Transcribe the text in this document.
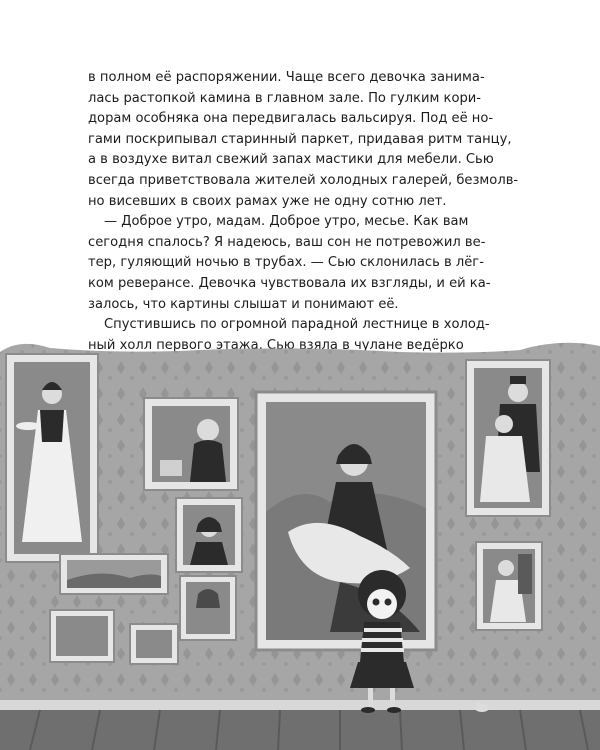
в полном её распоряжении. Чаще всего девочка занима-
лась растопкой камина в главном зале. По гулким кори-
дорам особняка она передвигалась вальсируя. Под её но-
гами поскрипывал старинный паркет, придавая ритм танцу,
а в воздухе витал свежий запах мастики для мебели. Сью
всегда приветствовала жителей холодных галерей, безмолв-
но висевших в своих рамах уже не одну сотню лет.

— Доброе утро, мадам. Доброе утро, месье. Как вам
сегодня спалось? Я надеюсь, ваш сон не потревожил ве-
тер, гуляющий ночью в трубах. — Сью склонилась в лёг-
ком реверансе. Девочка чувствовала их взгляды, и ей ка-
залось, что картины слышат и понимают её.

Спустившись по огромной парадной лестнице в холод-
ный холл первого этажа, Сью взяла в чулане ведёрко
